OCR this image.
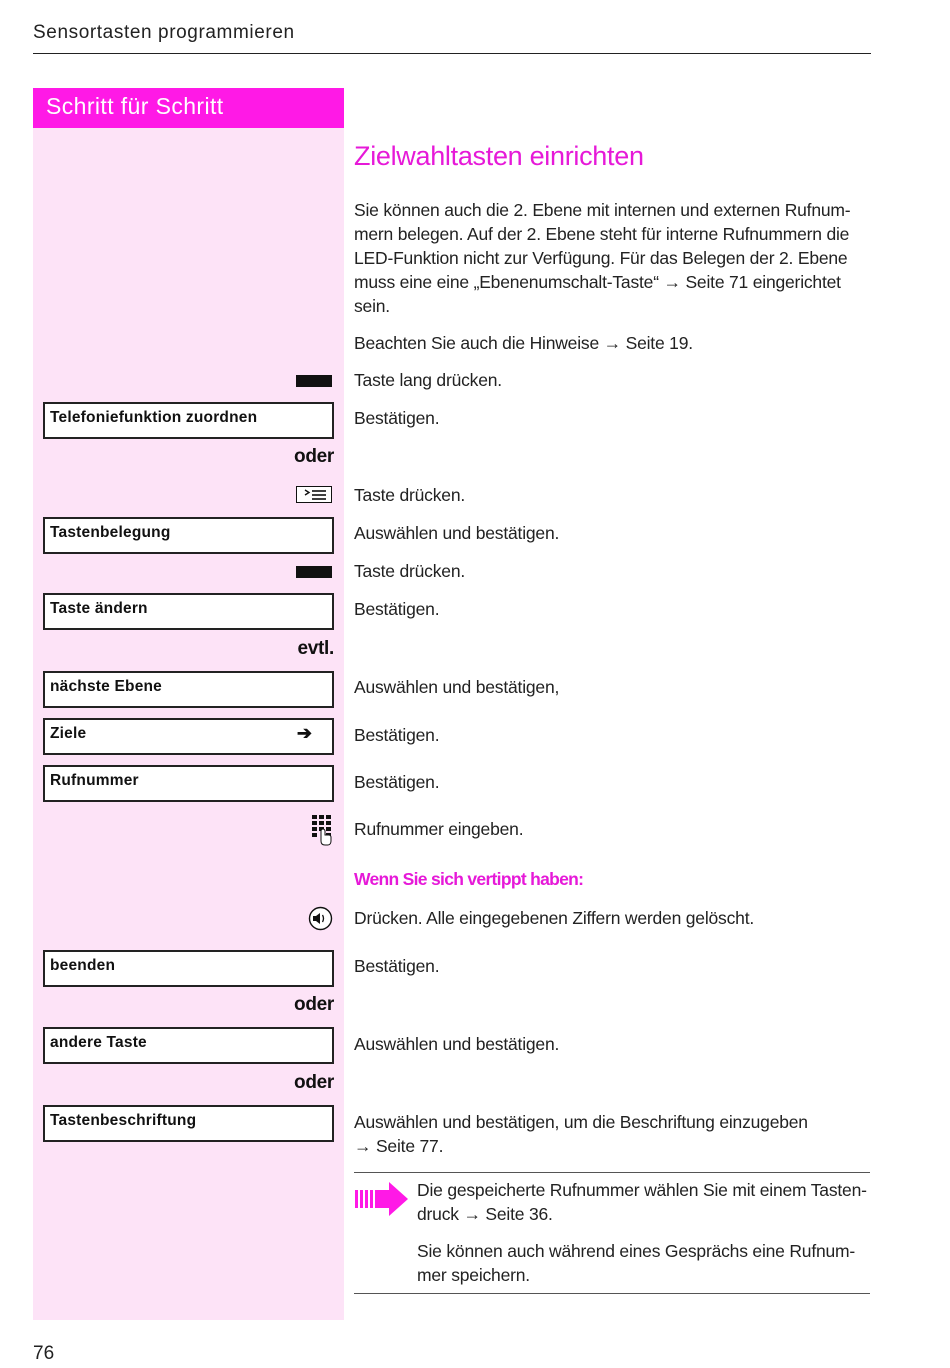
Sensortasten programmieren
Schritt für Schritt
Zielwahltasten einrichten
Sie können auch die 2. Ebene mit internen und externen Rufnum-mern belegen. Auf der 2. Ebene steht für interne Rufnummern die LED-Funktion nicht zur Verfügung. Für das Belegen der 2. Ebene muss eine eine „Ebenenumschalt-Taste“ → Seite 71 eingerichtet sein.
Beachten Sie auch die Hinweise → Seite 19.
Taste lang drücken.
Telefoniefunktion zuordnen	Bestätigen.
oder
Taste drücken.
Tastenbelegung	Auswählen und bestätigen.
Taste drücken.
Taste ändern	Bestätigen.
evtl.
nächste Ebene	Auswählen und bestätigen,
Ziele	➔ Bestätigen.
Rufnummer	Bestätigen.
Rufnummer eingeben.
Wenn Sie sich vertippt haben:
Drücken. Alle eingegebenen Ziffern werden gelöscht.
beenden	Bestätigen.
oder
andere Taste	Auswählen und bestätigen.
oder
Tastenbeschriftung	Auswählen und bestätigen, um die Beschriftung einzugeben
→ Seite 77.
Die gespeicherte Rufnummer wählen Sie mit einem Tasten-druck → Seite 36.
Sie können auch während eines Gesprächs eine Rufnum-mer speichern.
76
